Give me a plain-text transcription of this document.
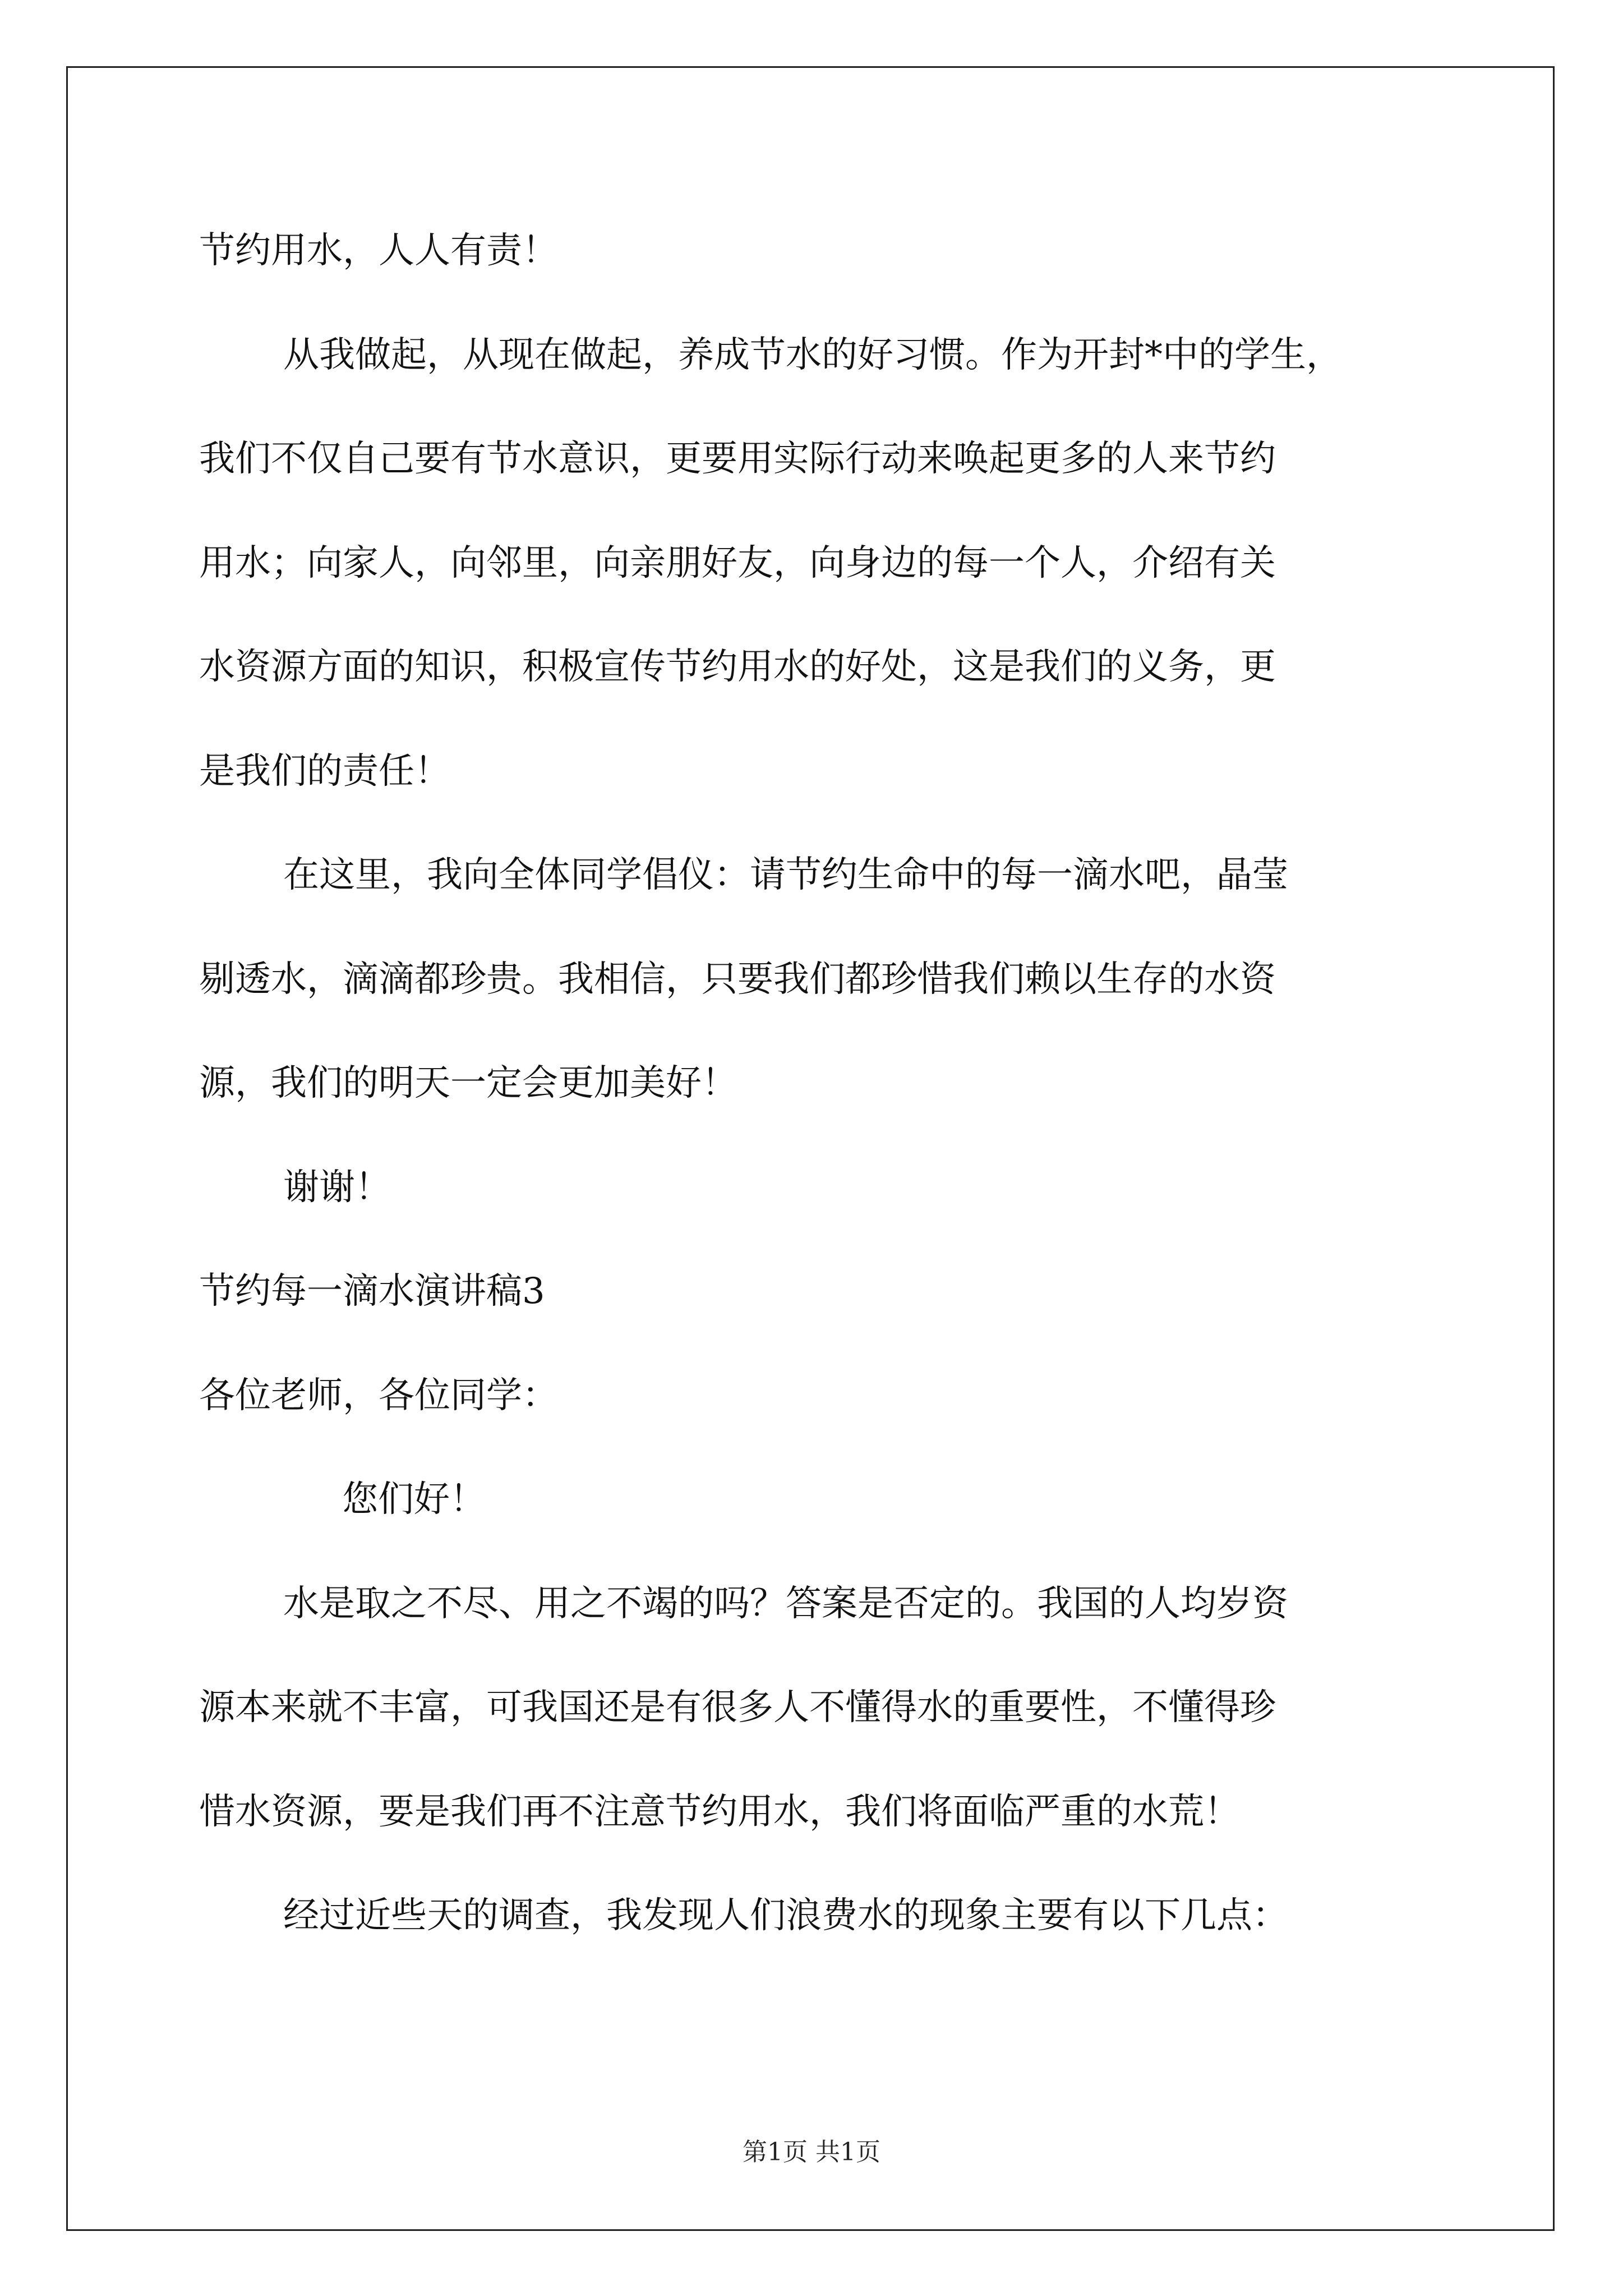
节约用水，人人有责！
从我做起，从现在做起，养成节水的好习惯。作为开封*中的学生，
我们不仅自己要有节水意识，更要用实际行动来唤起更多的人来节约
用水；向家人，向邻里，向亲朋好友，向身边的每一个人，介绍有关
水资源方面的知识，积极宣传节约用水的好处，这是我们的义务，更
是我们的责任！
在这里，我向全体同学倡仪：请节约生命中的每一滴水吧，晶莹
剔透水，滴滴都珍贵。我相信，只要我们都珍惜我们赖以生存的水资
源，我们的明天一定会更加美好！
谢谢！
节约每一滴水演讲稿3
各位老师，各位同学：
您们好！
水是取之不尽、用之不竭的吗？答案是否定的。我国的人均岁资
源本来就不丰富，可我国还是有很多人不懂得水的重要性，不懂得珍
惜水资源，要是我们再不注意节约用水，我们将面临严重的水荒！
经过近些天的调查，我发现人们浪费水的现象主要有以下几点：
第1页 共1页
